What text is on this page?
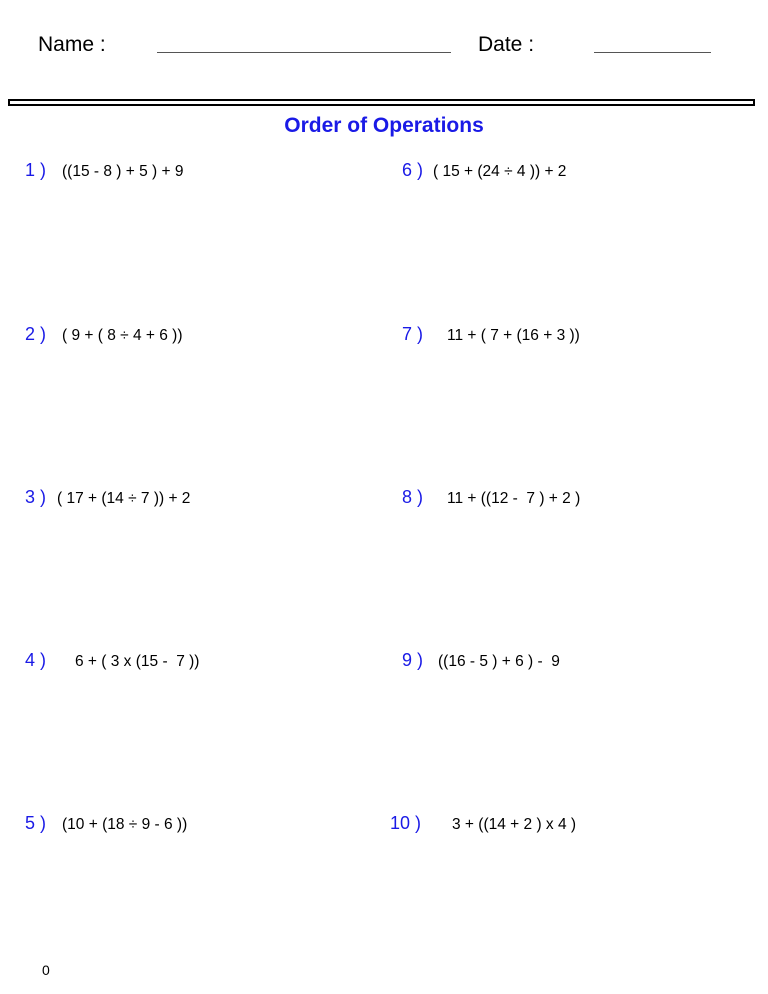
Name :	Date :
Order of Operations

1 )

((15 - 8 ) + 5 ) + 9

2 )

( 9 + ( 8 ÷ 4 + 6 ))

3 )

( 17 + (14 ÷ 7 )) + 2

4 )

6 + ( 3 x (15 -  7 ))

5 )

(10 + (18 ÷ 9 - 6 ))

6 )

( 15 + (24 ÷ 4 )) + 2

7 )

11 + ( 7 + (16 + 3 ))

8 )

11 + ((12 -  7 ) + 2 )

9 )

((16 - 5 ) + 6 ) -  9

10 )

3 + ((14 + 2 ) x 4 )

0
